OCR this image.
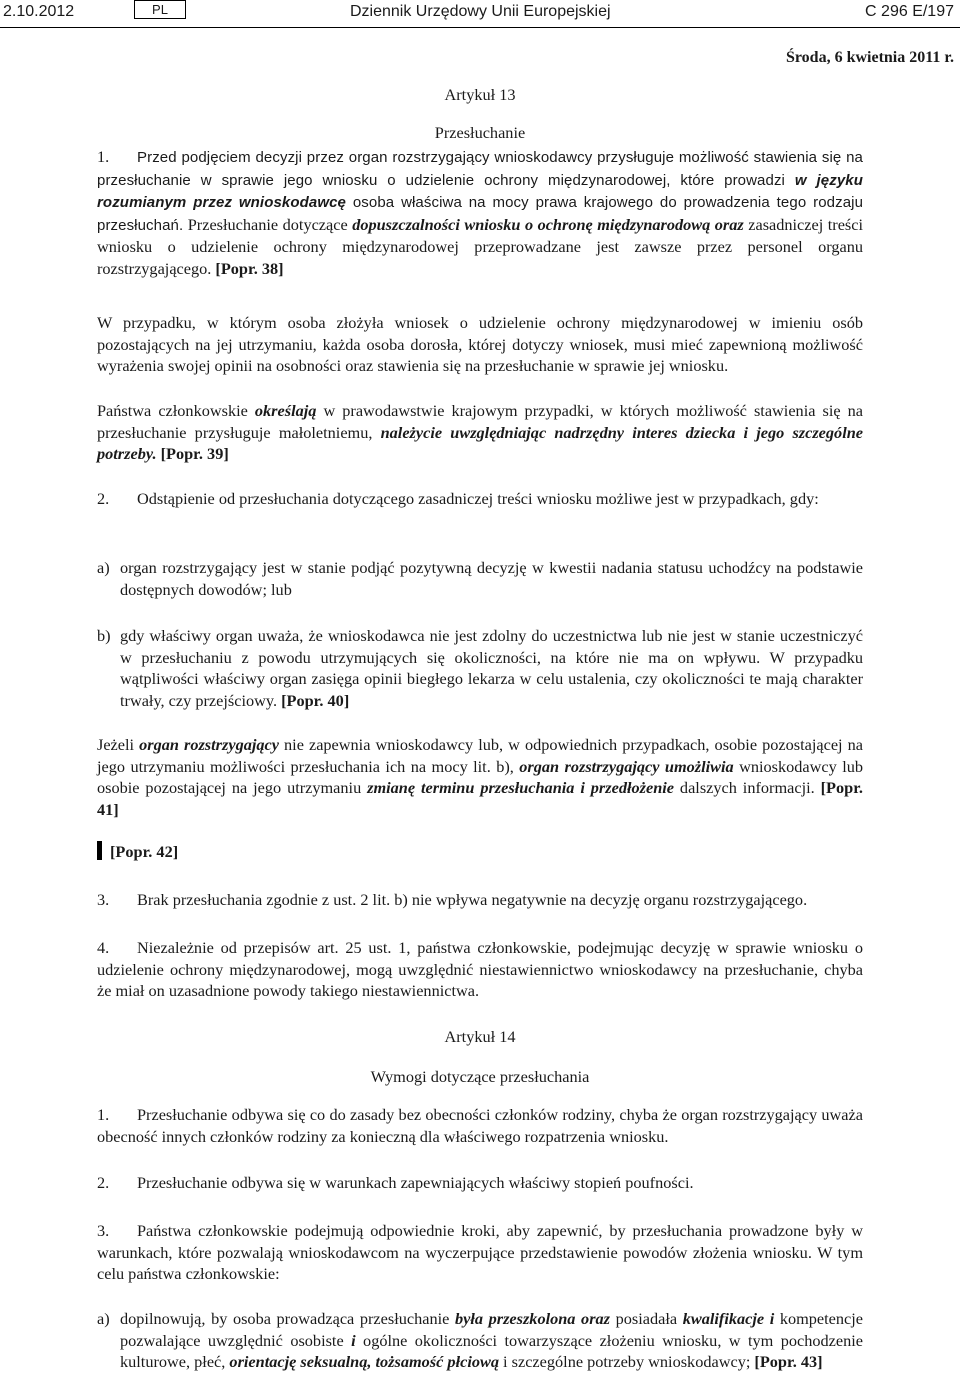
2.10.2012	PL	Dziennik Urzędowy Unii Europejskiej	C 296 E/197
Środa, 6 kwietnia 2011 r.
Artykuł 13
Przesłuchanie

1. Przed podjęciem decyzji przez organ rozstrzygający wnioskodawcy przysługuje możliwość stawienia się na przesłuchanie w sprawie jego wniosku o udzielenie ochrony międzynarodowej, które prowadzi w języku rozumianym przez wnioskodawcę osoba właściwa na mocy prawa krajowego do prowadzenia tego rodzaju przesłuchań. Przesłuchanie dotyczące dopuszczalności wniosku o ochronę międzynarodową oraz zasadniczej treści wniosku o udzielenie ochrony międzynarodowej przeprowadzane jest zawsze przez personel organu rozstrzygającego. [Popr. 38]

W przypadku, w którym osoba złożyła wniosek o udzielenie ochrony międzynarodowej w imieniu osób pozostających na jej utrzymaniu, każda osoba dorosła, której dotyczy wniosek, musi mieć zapewnioną możliwość wyrażenia swojej opinii na osobności oraz stawienia się na przesłuchanie w sprawie jej wniosku.

Państwa członkowskie określają w prawodawstwie krajowym przypadki, w których możliwość stawienia się na przesłuchanie przysługuje małoletniemu, należycie uwzględniając nadrzędny interes dziecka i jego szczególne potrzeby. [Popr. 39]

2. Odstąpienie od przesłuchania dotyczącego zasadniczej treści wniosku możliwe jest w przypadkach, gdy:

a) organ rozstrzygający jest w stanie podjąć pozytywną decyzję w kwestii nadania statusu uchodźcy na podstawie dostępnych dowodów; lub
b) gdy właściwy organ uważa, że wnioskodawca nie jest zdolny do uczestnictwa lub nie jest w stanie uczestniczyć w przesłuchaniu z powodu utrzymujących się okoliczności, na które nie ma on wpływu. W przypadku wątpliwości właściwy organ zasięga opinii biegłego lekarza w celu ustalenia, czy okoliczności te mają charakter trwały, czy przejściowy. [Popr. 40]

Jeżeli organ rozstrzygający nie zapewnia wnioskodawcy lub, w odpowiednich przypadkach, osobie pozostającej na jego utrzymaniu możliwości przesłuchania ich na mocy lit. b), organ rozstrzygający umożliwia wnioskodawcy lub osobie pozostającej na jego utrzymaniu zmianę terminu przesłuchania i przedłożenie dalszych informacji. [Popr. 41]

[Popr. 42]

3. Brak przesłuchania zgodnie z ust. 2 lit. b) nie wpływa negatywnie na decyzję organu rozstrzygającego.

4. Niezależnie od przepisów art. 25 ust. 1, państwa członkowskie, podejmując decyzję w sprawie wniosku o udzielenie ochrony międzynarodowej, mogą uwzględnić niestawiennictwo wnioskodawcy na przesłuchanie, chyba że miał on uzasadnione powody takiego niestawiennictwa.

Artykuł 14
Wymogi dotyczące przesłuchania

1. Przesłuchanie odbywa się co do zasady bez obecności członków rodziny, chyba że organ rozstrzygający uważa obecność innych członków rodziny za konieczną dla właściwego rozpatrzenia wniosku.

2. Przesłuchanie odbywa się w warunkach zapewniających właściwy stopień poufności.

3. Państwa członkowskie podejmują odpowiednie kroki, aby zapewnić, by przesłuchania prowadzone były w warunkach, które pozwalają wnioskodawcom na wyczerpujące przedstawienie powodów złożenia wniosku. W tym celu państwa członkowskie:

a) dopilnowują, by osoba prowadząca przesłuchanie była przeszkolona oraz posiadała kwalifikacje i kompetencje pozwalające uwzględnić osobiste i ogólne okoliczności towarzyszące złożeniu wniosku, w tym pochodzenie kulturowe, płeć, orientację seksualną, tożsamość płciową i szczególne potrzeby wnioskodawcy; [Popr. 43]
